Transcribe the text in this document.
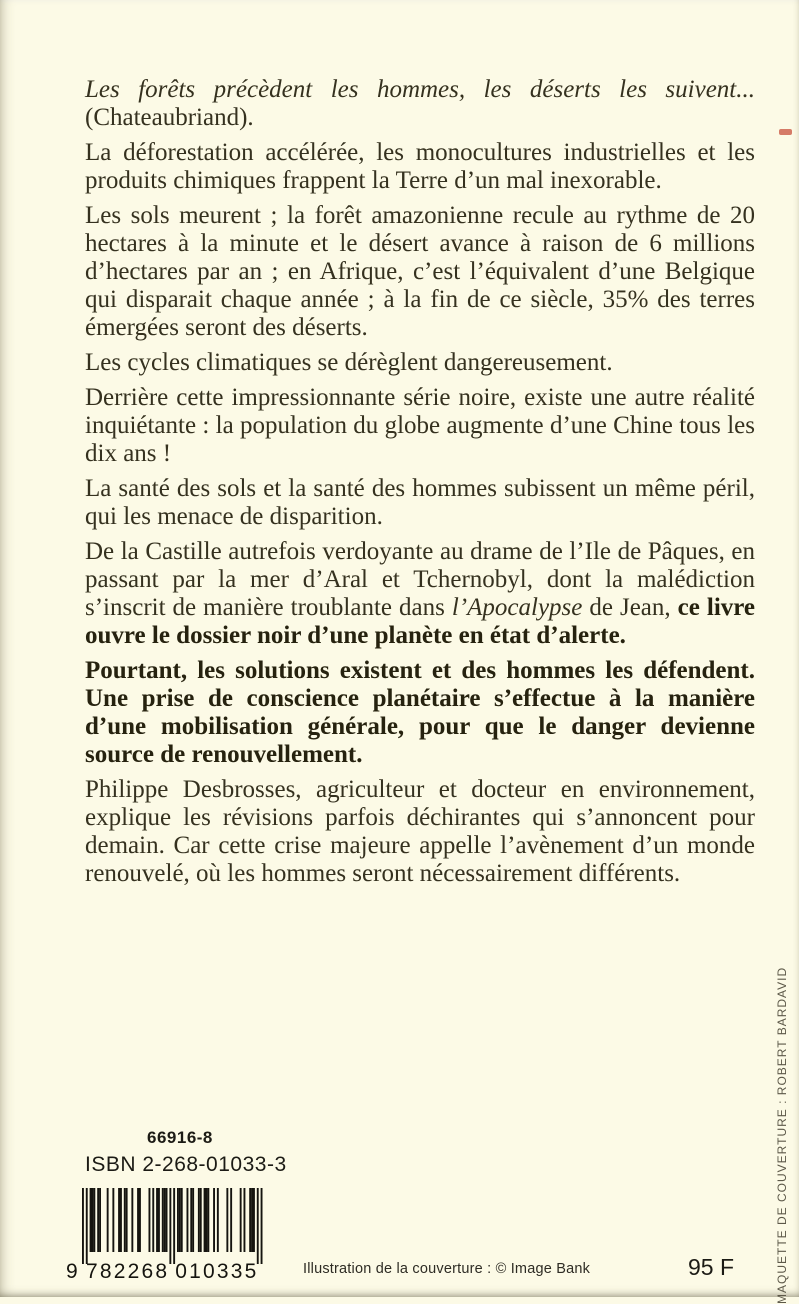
Les forêts précèdent les hommes, les déserts les suivent... (Chateaubriand).

La déforestation accélérée, les monocultures industrielles et les produits chimiques frappent la Terre d’un mal inexorable.

Les sols meurent ; la forêt amazonienne recule au rythme de 20 hectares à la minute et le désert avance à raison de 6 millions d’hectares par an ; en Afrique, c’est l’équivalent d’une Belgique qui disparait chaque année ; à la fin de ce siècle, 35% des terres émergées seront des déserts.

Les cycles climatiques se dérèglent dangereusement.

Derrière cette impressionnante série noire, existe une autre réalité inquiétante : la population du globe augmente d’une Chine tous les dix ans !

La santé des sols et la santé des hommes subissent un même péril, qui les menace de disparition.

De la Castille autrefois verdoyante au drame de l’Ile de Pâques, en passant par la mer d’Aral et Tchernobyl, dont la malédiction s’inscrit de manière troublante dans l’Apocalypse de Jean, ce livre ouvre le dossier noir d’une planète en état d’alerte.

Pourtant, les solutions existent et des hommes les défendent. Une prise de conscience planétaire s’effectue à la manière d’une mobilisation générale, pour que le danger devienne source de renouvellement.

Philippe Desbrosses, agriculteur et docteur en environnement, explique les révisions parfois déchirantes qui s’annoncent pour demain. Car cette crise majeure appelle l’avènement d’un monde renouvelé, où les hommes seront nécessairement différents.

66916-8
ISBN 2-268-01033-3
9 782268 010335	Illustration de la couverture : © Image Bank	95 F	MAQUETTE DE COUVERTURE : ROBERT BARDAVID
